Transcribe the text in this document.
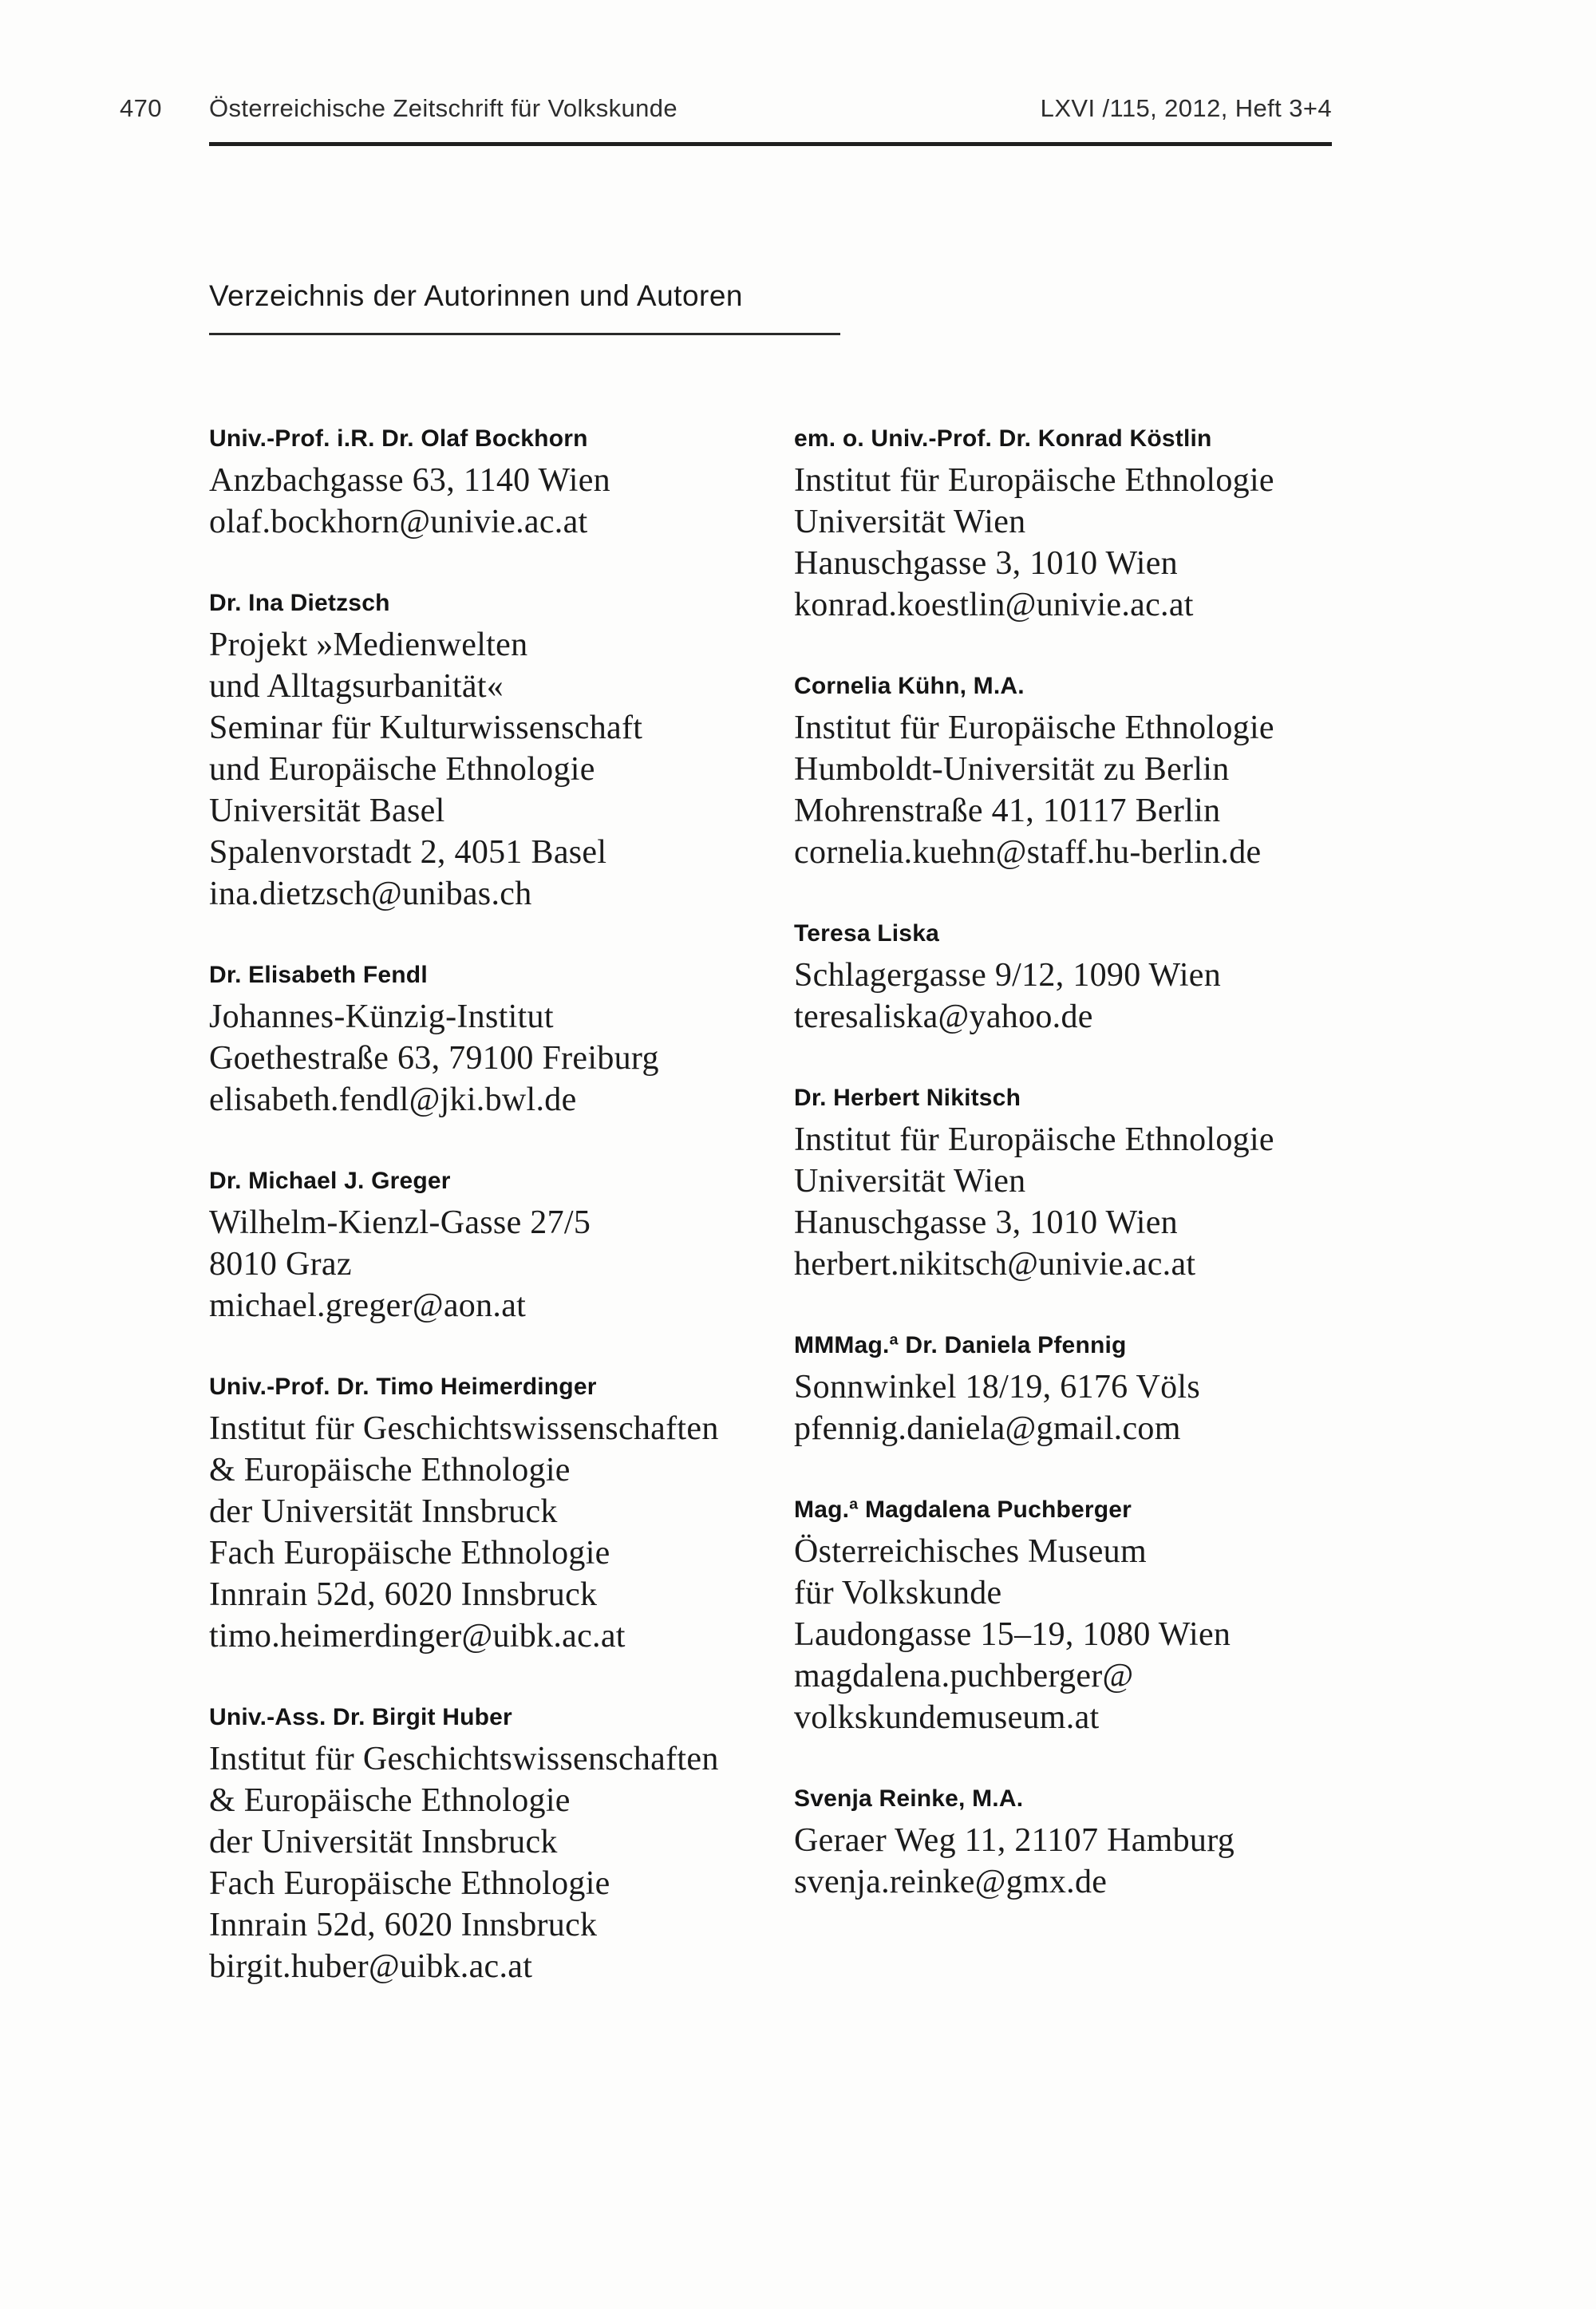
470 Österreichische Zeitschrift für Volkskunde	LXVI /115, 2012, Heft 3+4
Verzeichnis der Autorinnen und Autoren
Univ.-Prof. i.R. Dr. Olaf Bockhorn
Anzbachgasse 63, 1140 Wien
olaf.bockhorn@univie.ac.at
Dr. Ina Dietzsch
Projekt »Medienwelten
und Alltagsurbanität«
Seminar für Kulturwissenschaft
und Europäische Ethnologie
Universität Basel
Spalenvorstadt 2, 4051 Basel
ina.dietzsch@unibas.ch
Dr. Elisabeth Fendl
Johannes-Künzig-Institut
Goethestraße 63, 79100 Freiburg
elisabeth.fendl@jki.bwl.de
Dr. Michael J. Greger
Wilhelm-Kienzl-Gasse 27/5
8010 Graz
michael.greger@aon.at
Univ.-Prof. Dr. Timo Heimerdinger
Institut für Geschichtswissenschaften
& Europäische Ethnologie
der Universität Innsbruck
Fach Europäische Ethnologie
Innrain 52d, 6020 Innsbruck
timo.heimerdinger@uibk.ac.at
Univ.-Ass. Dr. Birgit Huber
Institut für Geschichtswissenschaften
& Europäische Ethnologie
der Universität Innsbruck
Fach Europäische Ethnologie
Innrain 52d, 6020 Innsbruck
birgit.huber@uibk.ac.at
em. o. Univ.-Prof. Dr. Konrad Köstlin
Institut für Europäische Ethnologie
Universität Wien
Hanuschgasse 3, 1010 Wien
konrad.koestlin@univie.ac.at
Cornelia Kühn, M.A.
Institut für Europäische Ethnologie
Humboldt-Universität zu Berlin
Mohrenstraße 41, 10117 Berlin
cornelia.kuehn@staff.hu-berlin.de
Teresa Liska
Schlagergasse 9/12, 1090 Wien
teresaliska@yahoo.de
Dr. Herbert Nikitsch
Institut für Europäische Ethnologie
Universität Wien
Hanuschgasse 3, 1010 Wien
herbert.nikitsch@univie.ac.at
MMMag.ª Dr. Daniela Pfennig
Sonnwinkel 18/19, 6176 Völs
pfennig.daniela@gmail.com
Mag.ª Magdalena Puchberger
Österreichisches Museum
für Volkskunde
Laudongasse 15–19, 1080 Wien
magdalena.puchberger@
volkskundemuseum.at
Svenja Reinke, M.A.
Geraer Weg 11, 21107 Hamburg
svenja.reinke@gmx.de
